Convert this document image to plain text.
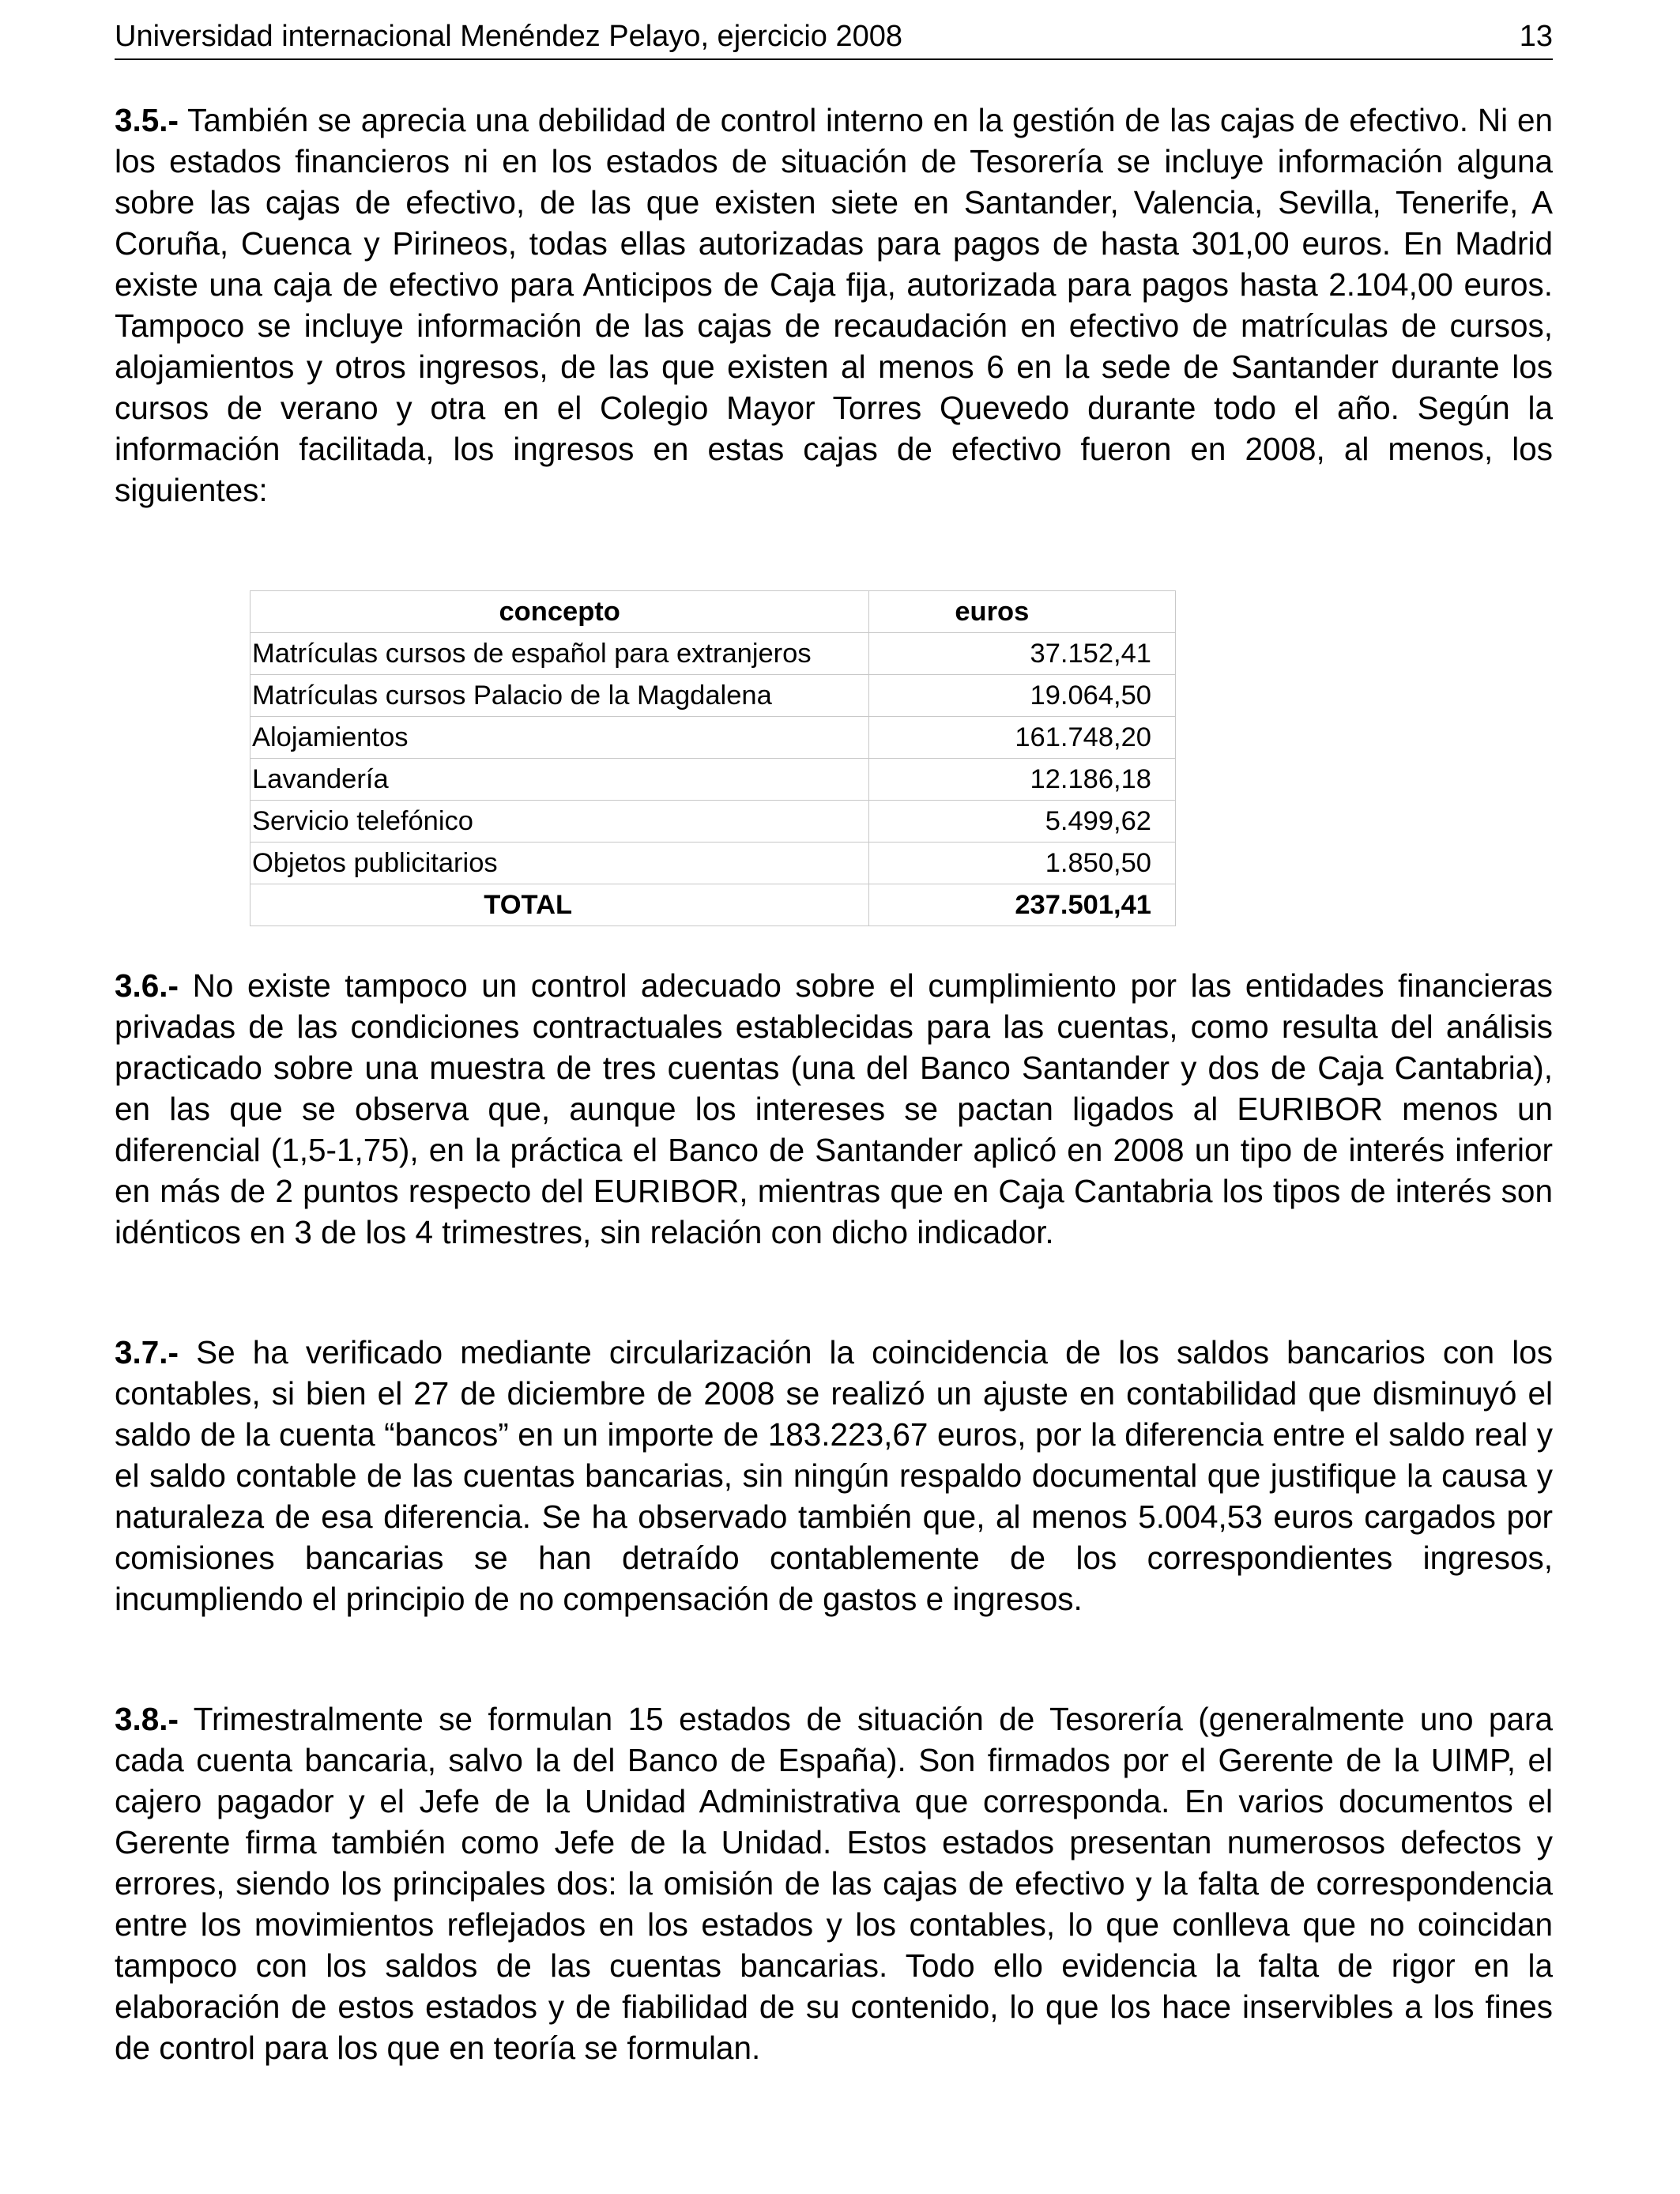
Universidad internacional Menéndez Pelayo, ejercicio 2008	13

3.5.- También se aprecia una debilidad de control interno en la gestión de las cajas de efectivo. Ni en los estados financieros ni en los estados de situación de Tesorería se incluye información alguna sobre las cajas de efectivo, de las que existen siete en Santander, Valencia, Sevilla, Tenerife, A Coruña, Cuenca y Pirineos, todas ellas autorizadas para pagos de hasta 301,00 euros. En Madrid existe una caja de efectivo para Anticipos de Caja fija, autorizada para pagos hasta 2.104,00 euros. Tampoco se incluye información de las cajas de recaudación en efectivo de matrículas de cursos, alojamientos y otros ingresos, de las que existen al menos 6 en la sede de Santander durante los cursos de verano y otra en el Colegio Mayor Torres Quevedo durante todo el año. Según la información facilitada, los ingresos en estas cajas de efectivo fueron en 2008, al menos, los siguientes:

concepto	euros
Matrículas cursos de español para extranjeros	37.152,41
Matrículas cursos Palacio de la Magdalena	19.064,50
Alojamientos	161.748,20
Lavandería	12.186,18
Servicio telefónico	5.499,62
Objetos publicitarios	1.850,50
TOTAL	237.501,41

3.6.- No existe tampoco un control adecuado sobre el cumplimiento por las entidades financieras privadas de las condiciones contractuales establecidas para las cuentas, como resulta del análisis practicado sobre una muestra de tres cuentas (una del Banco Santander y dos de Caja Cantabria), en las que se observa que, aunque los intereses se pactan ligados al EURIBOR menos un diferencial (1,5-1,75), en la práctica el Banco de Santander aplicó en 2008 un tipo de interés inferior en más de 2 puntos respecto del EURIBOR, mientras que en Caja Cantabria los tipos de interés son idénticos en 3 de los 4 trimestres, sin relación con dicho indicador.

3.7.- Se ha verificado mediante circularización la coincidencia de los saldos bancarios con los contables, si bien el 27 de diciembre de 2008 se realizó un ajuste en contabilidad que disminuyó el saldo de la cuenta “bancos” en un importe de 183.223,67 euros, por la diferencia entre el saldo real y el saldo contable de las cuentas bancarias, sin ningún respaldo documental que justifique la causa y naturaleza de esa diferencia. Se ha observado también que, al menos 5.004,53 euros cargados por comisiones bancarias se han detraído contablemente de los correspondientes ingresos, incumpliendo el principio de no compensación de gastos e ingresos.

3.8.- Trimestralmente se formulan 15 estados de situación de Tesorería (generalmente uno para cada cuenta bancaria, salvo la del Banco de España). Son firmados por el Gerente de la UIMP, el cajero pagador y el Jefe de la Unidad Administrativa que corresponda. En varios documentos el Gerente firma también como Jefe de la Unidad. Estos estados presentan numerosos defectos y errores, siendo los principales dos: la omisión de las cajas de efectivo y la falta de correspondencia entre los movimientos reflejados en los estados y los contables, lo que conlleva que no coincidan tampoco con los saldos de las cuentas bancarias. Todo ello evidencia la falta de rigor en la elaboración de estos estados y de fiabilidad de su contenido, lo que los hace inservibles a los fines de control para los que en teoría se formulan.
